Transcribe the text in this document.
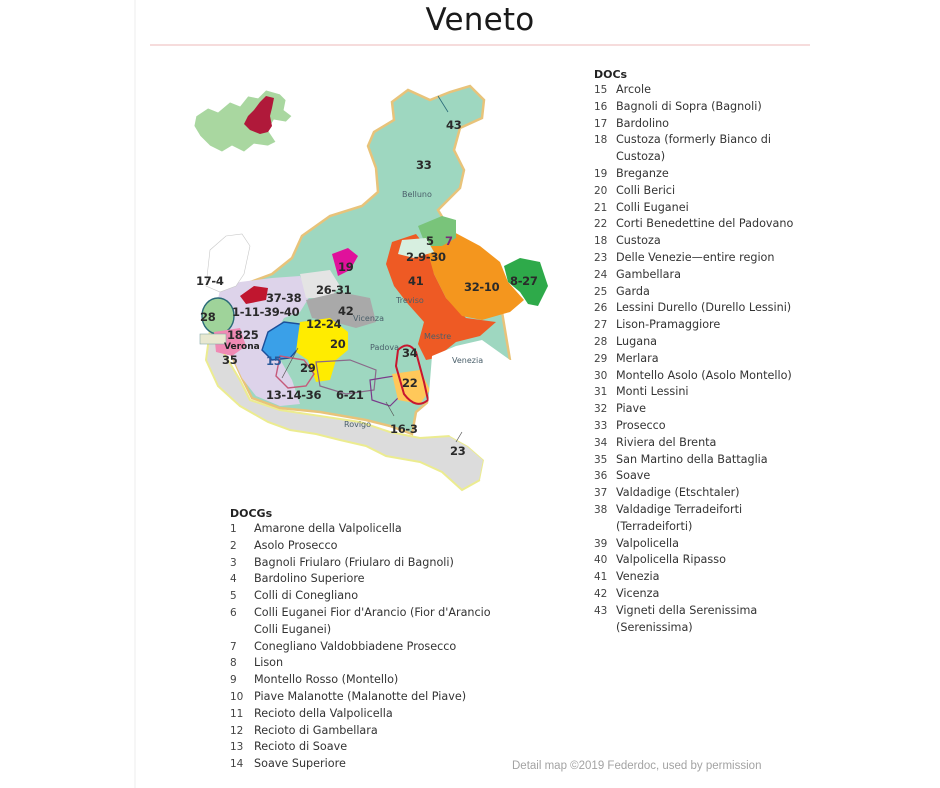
Veneto
43
33
5 7
2-9-30
41	32-10 8-27
19
26-31
42
12-24
20
34
29
22
6-21
16-3
23
17-4
37-38
1-11-39-40
28
18 25
35 15
13-14-36
Belluno
Vicenza
Treviso
Padova
Mestre
Venezia
Verona
Rovigo
DOCGs
1	Amarone della Valpolicella
2	Asolo Prosecco
3	Bagnoli Friularo (Friularo di Bagnoli)
4	Bardolino Superiore
5	Colli di Conegliano
6	Colli Euganei Fior d'Arancio (Fior d'Arancio Colli Euganei)
7	Conegliano Valdobbiadene Prosecco
8	Lison
9	Montello Rosso (Montello)
10 Piave Malanotte (Malanotte del Piave)
11 Recioto della Valpolicella
12 Recioto di Gambellara
13 Recioto di Soave
14 Soave Superiore
DOCs
15 Arcole
16 Bagnoli di Sopra (Bagnoli)
17 Bardolino
18 Custoza (formerly Bianco di Custoza)
19 Breganze
20 Colli Berici
21 Colli Euganei
22 Corti Benedettine del Padovano
18 Custoza
23 Delle Venezie—entire region
24 Gambellara
25 Garda
26 Lessini Durello (Durello Lessini)
27 Lison-Pramaggiore
28 Lugana
29 Merlara
30 Montello Asolo (Asolo Montello)
31 Monti Lessini
32 Piave
33 Prosecco
34 Riviera del Brenta
35 San Martino della Battaglia
36 Soave
37 Valdadige (Etschtaler)
38 Valdadige Terradeiforti (Terradeiforti)
39 Valpolicella
40 Valpolicella Ripasso
41 Venezia
42 Vicenza
43 Vigneti della Serenissima (Serenissima)
Detail map ©2019 Federdoc, used by permission
